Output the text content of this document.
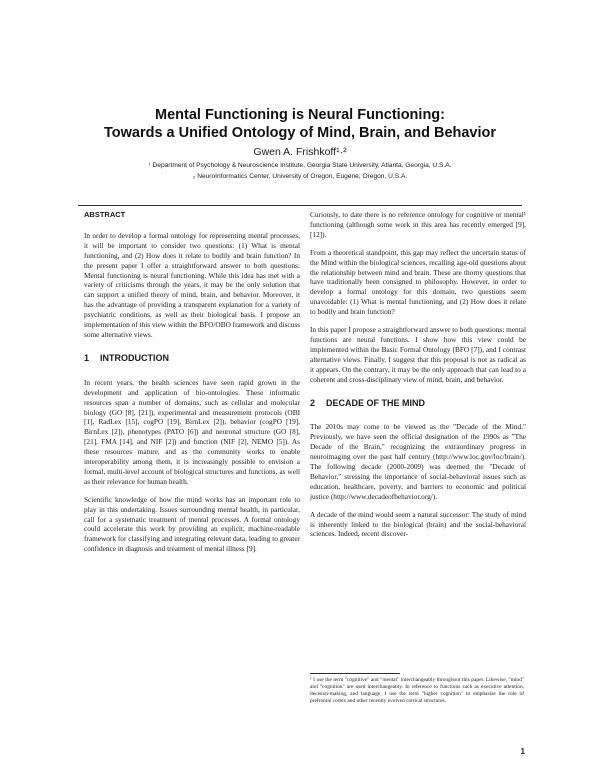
Mental Functioning is Neural Functioning:
Towards a Unified Ontology of Mind, Brain, and Behavior
Gwen A. Frishkoff¹·²
¹ Department of Psychology & Neuroscience Institute, Georgia State University, Atlanta, Georgia, U.S.A.
₂ NeuroInformatics Center, University of Oregon, Eugene, Oregon, U.S.A.
ABSTRACT

In order to develop a formal ontology for representing mental processes, it will be important to consider two questions: (1) What is mental functioning, and (2) How does it relate to bodily and brain function? In the present paper I offer a straightforward answer to both questions: Mental functioning is neural functioning. While this idea has met with a variety of criticisms through the years, it may be the only solution that can support a unified theory of mind, brain, and behavior. Moreover, it has the advantage of providing a transparent explanation for a variety of psychiatric conditions, as well as their biological basis. I propose an implementation of this view within the BFO/OBO framework and discuss some alternative views.

1 INTRODUCTION

In recent years, the health sciences have seen rapid grown in the development and application of bio-ontologies. These informatic resources span a number of domains, such as cellular and molecular biology (GO [8], [21]), experimental and measurement protocols (OBI [1], RadLex [15], cogPO [19], BirnLex [2]), behavior (cogPO [19], BirnLex [2]), phenotypes (PATO [6]) and neuronal structure (GO [8], [21], FMA [14], and NIF [2]) and function (NIF [2], NEMO [5]). As these resources mature, and as the community works to enable interoperability among them, it is increasingly possible to envision a formal, multi-level account of biological structures and functions, as well as their relevance for human health.

Scientific knowledge of how the mind works has an important role to play in this undertaking. Issues surrounding mental health, in particular, call for a systematic treatment of mental processes. A formal ontology could accelerate this work by providing an explicit, machine-readable framework for classifying and integrating relevant data, leading to greater confidence in diagnosis and treatment of mental illness [9].

Curiously, to date there is no reference ontology for cognitive or mental¹ functioning (although some work in this area has recently emerged [9], [12]).

From a theoretical standpoint, this gap may reflect the uncertain status of the Mind within the biological sciences, recalling age-old questions about the relationship between mind and brain. These are thorny questions that have traditionally been consigned to philosophy. However, in order to develop a formal ontology for this domain, two questions seem unavoidable: (1) What is mental functioning, and (2) How does it relate to bodily and brain function?

In this paper I propose a straightforward answer to both questions: mental functions are neural functions. I show how this view could be implemented within the Basic Formal Ontology (BFO [7]), and I contrast alternative views. Finally, I suggest that this proposal is not as radical as it appears. On the contrary, it may be the only approach that can lead to a coherent and cross-disciplinary view of mind, brain, and behavior.

2 DECADE OF THE MIND

The 2010s may come to be viewed as the "Decade of the Mind." Previously, we have seen the official designation of the 1990s as "The Decade of the Brain," recognizing the extraordinary progress in neuroimaging over the past half century (http://www.loc.gov/loc/brain/). The following decade (2000-2009) was deemed the "Decade of Behavior," stressing the importance of social-behavioral issues such as education, healthcare, poverty, and barriers to economic and political justice (http://www.decadeofbehavior.org/).

A decade of the mind would seem a natural successor: The study of mind is inherently linked to the biological (brain) and the social-behavioral sciences. Indeed, recent discover-

¹ I use the term "cognitive" and "mental" interchangeably throughout this paper. Likewise, "mind" and "cognition" are used interchangeably. In reference to functions such as executive attention, decision-making, and language, I use the term "higher cognition" to emphasize the role of prefrontal cortex and other recently evolved cortical structures.
1
